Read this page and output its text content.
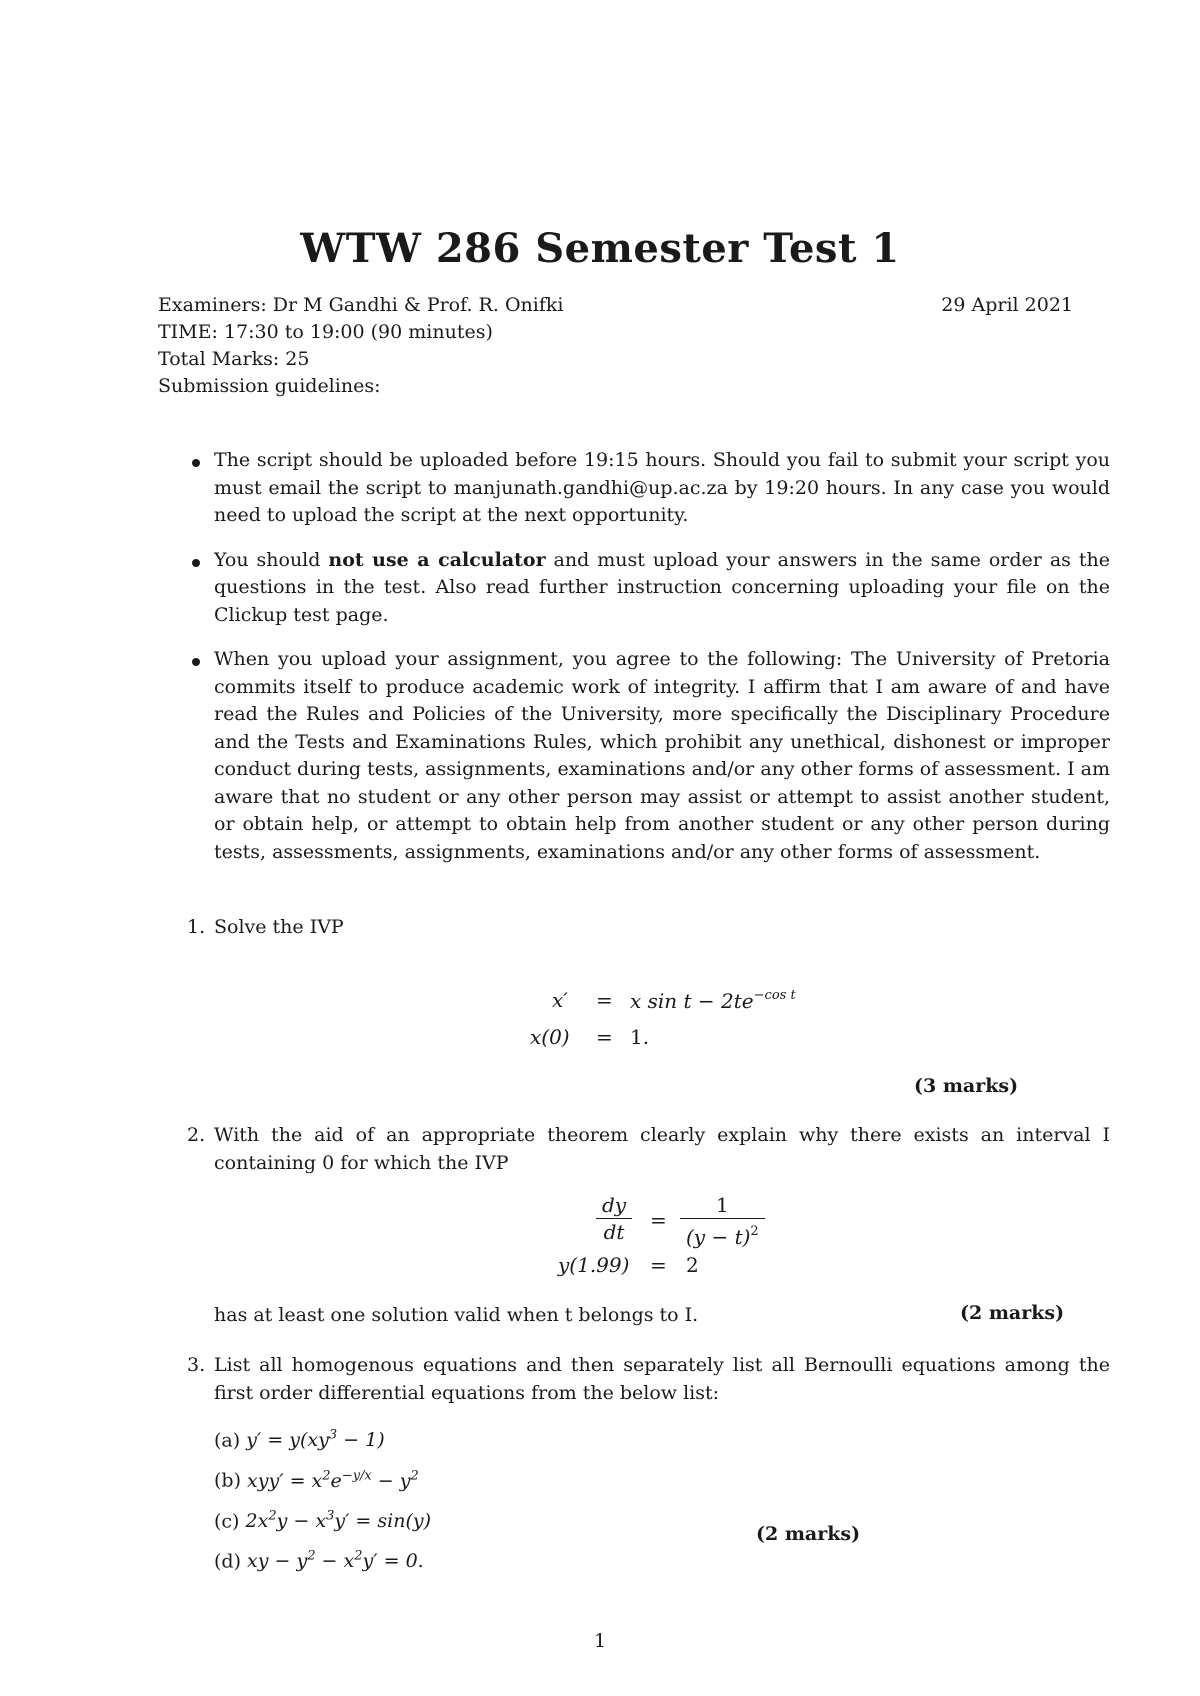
WTW 286 Semester Test 1
Examiners: Dr M Gandhi & Prof. R. Onifki	29 April 2021
TIME: 17:30 to 19:00 (90 minutes)
Total Marks: 25
Submission guidelines:
The script should be uploaded before 19:15 hours. Should you fail to submit your script you must email the script to manjunath.gandhi@up.ac.za by 19:20 hours. In any case you would need to upload the script at the next opportunity.
You should not use a calculator and must upload your answers in the same order as the questions in the test. Also read further instruction concerning uploading your file on the Clickup test page.
When you upload your assignment, you agree to the following: The University of Pretoria commits itself to produce academic work of integrity. I affirm that I am aware of and have read the Rules and Policies of the University, more specifically the Disciplinary Procedure and the Tests and Examinations Rules, which prohibit any unethical, dishonest or improper conduct during tests, assignments, examinations and/or any other forms of assessment. I am aware that no student or any other person may assist or attempt to assist another student, or obtain help, or attempt to obtain help from another student or any other person during tests, assessments, assignments, examinations and/or any other forms of assessment.
1. Solve the IVP
x′ = x $\sin t - 2te^{-cos t}$
x(0) = 1.
(3 marks)
2. With the aid of an appropriate theorem clearly explain why there exists an interval I containing 0 for which the IVP
$\frac{dy}{dt} = \frac{1}{(y - t)^2}$
y(1.99) = 2
has at least one solution valid when t belongs to I.	(2 marks)
3. List all homogenous equations and then separately list all Bernoulli equations among the first order differential equations from the below list:
(a) $y' = y(xy^3 - 1)$
(b) $xyy' = x^2e^{-y/x} - y^2$
(c) $2x^2y - x^3y' = \sin(y)$
(d) xy − $y^2 - x^2y' = 0$.
(2 marks)
1
